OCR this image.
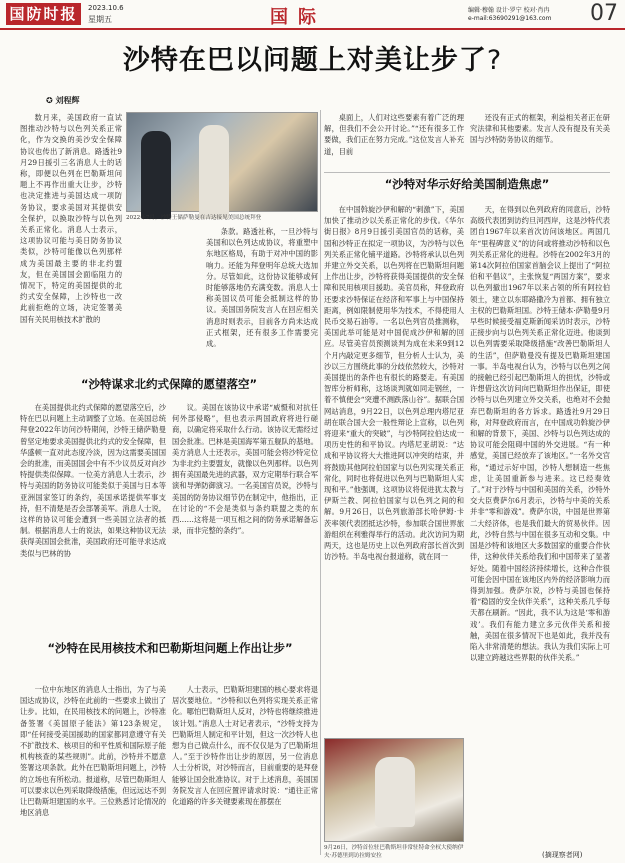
国防时报	2023.10.6
星期五	国际	编辑·穆翰 设计·罗宁 校对·肖冉
e-mail:63690291@163.com 07
沙特在巴以问题上对美让步了?
✪ 刘程辉

数月来，美国政府一直试图推动沙特与以色列关系正常化，作为交换的美沙安全保障协议也传出了新消息。路透社9月29日援引三名消息人士的话称，即便以色列在巴勒斯坦问题上不再作出重大让步，沙特也决定推进与美国达成一项防务协议，要求美国对其提供安全保护，以换取沙特与以色列关系正常化。消息人士表示，这项协议可能与美日防务协议类似，沙特可能像以色列那样成为美国最主要的非北约盟友，但在美国国会面临阻力的情况下，特定的美国提供的北约式安全保障，上沙特也一改此前拒绝的立场，决定签署美国有关民用核技术扩散的

2022年7月，沙特王储萨勒曼在吉达接见美国总统拜登

条款。路透社称，一旦沙特与美国和以色列达成协议，将重塑中东地区格局，有助于对冲中国的影响力。还能为拜登明年总统大选加分。尽管如此，这份协议能够或何时能够落地仍充满变数。消息人士称美国议员可能会抵制这样的协议。美国国务院发言人在回应相关消息时则表示，目前各方尚未达成正式框架，还有很多工作需要完成。

桌面上，人们对这些要素有着广泛的理解，但我们不会公开讨论。”“还有很多工作要做，我们正在努力完成。”这位发言人补充道，目前

还没有正式的框架，利益相关者正在研究法律和其他要素。发言人没有提及有关美国与沙特防务协议的细节。

“沙特谋求北约式保障的愿望落空”

在美国提供北约式保障的愿望落空后，沙特在巴以问题上主动调整了立场。在美国总统拜登2022年访问沙特期间，沙特王储萨勒曼曾坚定地要求美国提供北约式的安全保障，但华盛顿一直对此态度冷淡，因为这需要美国国会的批准，而美国国会中有不少议员反对向沙特提供类似保障。一位美方消息人士表示，沙特与美国的防务协议可能类似于美国与日本等亚洲国家签订的条约，美国承诺提供军事支持，但不清楚是否会部署美军。消息人士说，这样的协议可能会遭到一些美国立法者的抵制。根据消息人士的说法，如果这种协议无法获得美国国会批准，美国政府还可能寻求达成类似与巴林的协

议。美国在该协议中承诺“威慑和对抗任何外部侵略”，但也表示两国政府将进行磋商，以确定将采取什么行动。该协议无需经过国会批准。巴林是美国海军第五舰队的基地。美方消息人士还表示，美国可能会将沙特定位为非北约主要盟友，就像以色列那样。以色列拥有美国最先进的武器，双方定期举行联合军演和导弹防御演习。一名美国官员说，沙特与美国的防务协议细节仍在制定中，他指出，正在讨论的“不会是类似与条约联盟之类的东西……这将是一项互相之间的防务承诺解备忘录，而非完整的条约”。

“沙特在民用核技术和巴勒斯坦问题上作出让步”

一位中东地区的消息人士指出，为了与美国达成协议，沙特在此前的一些要求上做出了让步。比如，在民用核技术的问题上，沙特准备签署《美国原子能法》第123条规定，即“任何接受美国援助的国家都同意遵守有关不扩散技术、核项目的和平性质和国际原子能机构核查的某些规则”。此前，沙特并不愿意签署这项条款。此外在巴勒斯坦问题上，沙特的立场也有所松动。报道称，尽管巴勒斯坦人可以要求以色列采取降级措施，但远远达不到让巴勒斯坦建国的水平。三位熟悉讨论情况的地区消息

人士表示，巴勒斯坦建国的核心要求将退居次要地位。“沙特和以色列将实现关系正常化。哪怕巴勒斯坦人反对，沙特也将继续推进该计划。”消息人士对记者表示，“沙特支持为巴勒斯坦人制定和平计划，但这一次沙特人也想为自己做点什么，而不仅仅是为了巴勒斯坦人。”至于沙特作出让步的原因，另一位消息人士分析说，对沙特而言，目前重要的是拜登能够让国会批准协议。对于上述消息，美国国务院发言人在回应置评请求时说：“通往正常化道路的许多关键要素现在都摆在

“沙特对华示好给美国制造焦虑”

在中国斡旋沙伊和解的“刺激”下，美国加快了推动沙以关系正常化的步伐。《华尔街日报》8月9日援引美国官员的话称，美国和沙特正在拟定一项协议，为沙特与以色列关系正常化铺平道路。沙特将承认以色列并建立外交关系，以色列将在巴勒斯坦问题上作出让步，沙特将获得美国提供的安全保障和民用核项目援助。美官员称，拜登政府还要求沙特保证在经济和军事上与中国保持距离，例如限制使用华为技术，不得使用人民币交易石油等。一名以色列官员推测称，美国此举可能是对中国促成沙伊和解的回应。尽管美官员预测谈判为成在未来9到12个月内敲定更多细节，但分析人士认为，美沙以三方围绕此事的分歧依然较大，沙特对美国提出的条件也有很长的路要走。有美国智库分析师称，这场谈判就如同走钢丝，一着不慎便会“突遭不测跌落山谷”。据联合国网站消息，9月22日，以色列总理内塔尼亚胡在联合国大会一般性辩论上宣称，以色列将迎来“重大的突破”，与沙特阿拉伯达成一项历史性的和平协议。内塔尼亚胡说：“达成和平协议将大大推进阿以冲突的结束，并将鼓励其他阿拉伯国家与以色列实现关系正常化，同时也将促进以色列与巴勒斯坦人实现和平。”他强调，这项协议将促进犹太教与伊斯兰教、阿拉伯国家与以色列之间的和解。9月26日，以色列旅游部长哈伊姆·卡茨率领代表团抵达沙特，参加联合国世界旅游组织在利雅得举行的活动。此次访问为期两天，这也是历史上以色列政府部长首次到访沙特。半岛电视台报道称，就在同一

9月26日，沙特首位驻巴勒斯坦非常驻特命全权大使纳伊夫·苏德里到访拉姆安拉

天，在得到以色列政府的同意后，沙特高级代表团到访约旦河西岸，这是沙特代表团自1967年以来首次访问该地区。两国几年“里程碑意义”的访问或将推动沙特和以色列关系正常化的进程。沙特在2002年3月的第14次阿拉伯国家首脑会议上提出了“阿拉伯和平倡议”，主张恢复“两国方案”，要求以色列撤出1967年以来占领的所有阿拉伯领土，建立以东耶路撒冷为首都、拥有独立主权的巴勒斯坦国。沙特王储本·萨勒曼9月早些时候接受福克斯新闻采访时表示，沙特正接步向与以色列关系正常化迈进。他谈到以色列需要采取降级措施“改善巴勒斯坦人的生活”，但萨勒曼没有提及巴勒斯坦建国一事。半岛电视台认为，沙特与以色列之间的接触已经引起巴勒斯坦人的担忧，沙特或许想借这次访问向巴勒斯坦作出保证，即使沙特与以色列建立外交关系，也绝对不会抛弃巴勒斯坦的各方诉求。路透社9月29日称，对拜登政府而言，在中国成功斡旋沙伊和解的背景下，美国、沙特与以色列达成的协议可能会阻碍中国的外交进展。“有一种感觉，美国已经放弃了该地区。”一名外交官称，“通过示好中国，沙特人想制造一些焦虑，让美国重新参与进来。这已经奏效了。”对于沙特与中国和美国的关系，沙特外交大臣费萨尔6月表示，沙特与中美的关系并非“零和游戏”。费萨尔说，中国是世界第二大经济体，也是我们最大的贸易伙伴。因此，沙特自然与中国在很多互动和交集。中国是沙特和该地区大多数国家的重要合作伙伴，这种伙伴关系给我们和中国带来了显著好处。随着中国经济持续增长，这种合作很可能会因中国在该地区内外的经济影响力而得到加强。费萨尔说，沙特与美国也保持着“稳固的安全伙伴关系”，这种关系几乎每天都在刷新。“因此，我不认为这是‘零和游戏’。我们有能力建立多元伙伴关系和接触，美国在很多情况下也是如此，我并没有陷入非常清楚的想法。我认为我们实际上可以建立跨越这些界限的伙伴关系。”

(摘现察者网)
